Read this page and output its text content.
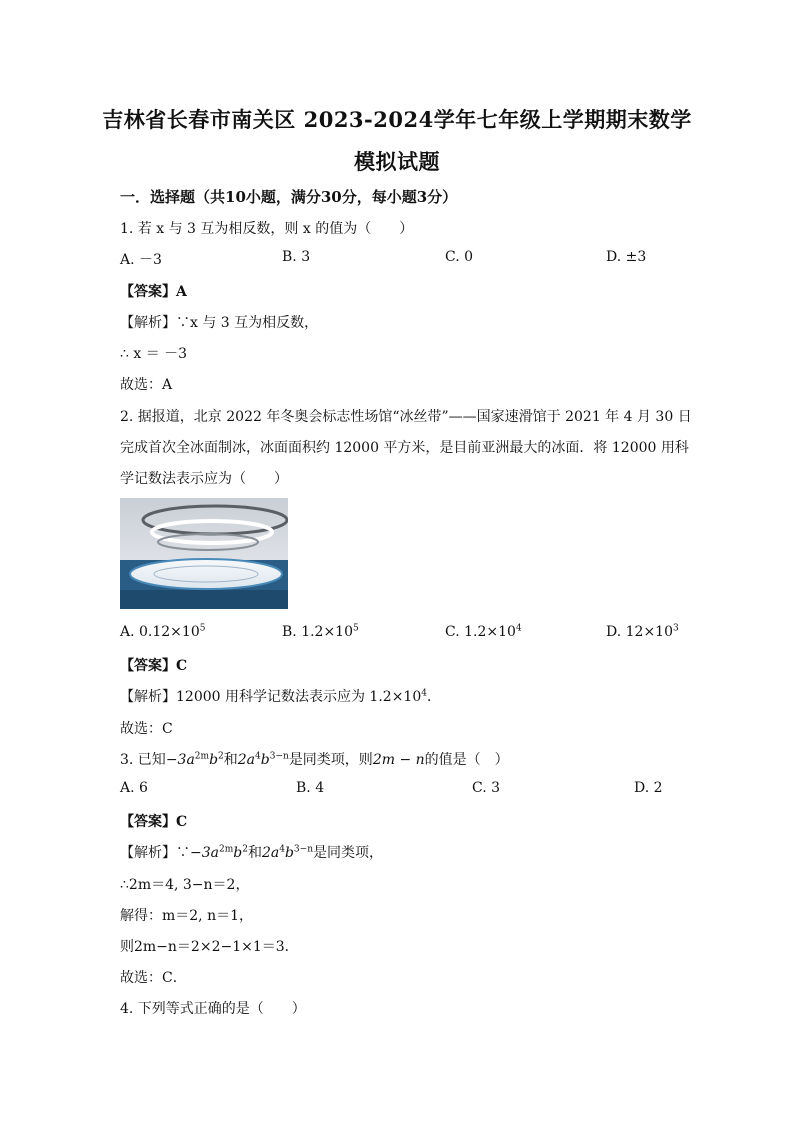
吉林省长春市南关区 2023-2024学年七年级上学期期末数学
模拟试题
一．选择题（共10小题，满分30分，每小题3分）
1. 若 x 与 3 互为相反数，则 x 的值为（　　）
A. －3	B. 3	C. 0	D. ±3
【答案】A
【解析】∵x 与 3 互为相反数，
∴ x ＝ －3
故选：A
2. 据报道，北京 2022 年冬奥会标志性场馆“冰丝带”——国家速滑馆于 2021 年 4 月 30 日
完成首次全冰面制冰，冰面面积约 12000 平方米，是目前亚洲最大的冰面．将 12000 用科
学记数法表示应为（　　）
A. $0.12\times 10^5$	B. $1.2\times 10^5$	C. $1.2\times 10^4$	D. $12\times 10^3$
【答案】C
【解析】12000 用科学记数法表示应为 $1.2\times 10^4$．
故选：C
3. 已知$-3a^{2m}b^2$和$2a^4b^{3-n}$是同类项，则2m − n的值是（　）
A. 6	B. 4	C. 3	D. 2
【答案】C
【解析】$\because-3a^{2m}b^2$和$2a^4b^{3-n}$是同类项，
∴2m＝4, 3−n＝2，
解得：m＝2, n＝1，
则2m−n＝2×2−1×1＝3．
故选：C．
4. 下列等式正确的是（　　）
